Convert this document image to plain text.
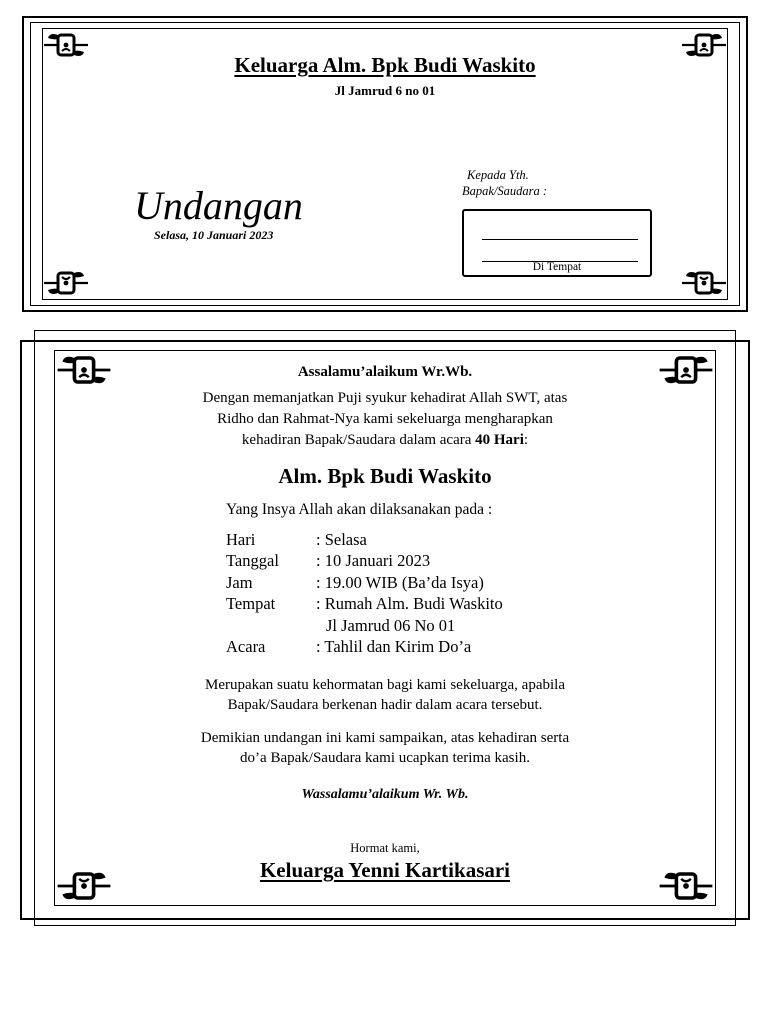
Keluarga Alm. Bpk Budi Waskito
Jl Jamrud 6 no 01
Undangan
Selasa, 10 Januari 2023
Kepada Yth.
Bapak/Saudara :
Di Tempat
Assalamu’alaikum Wr.Wb.
Dengan memanjatkan Puji syukur kehadirat Allah SWT, atas
Ridho dan Rahmat-Nya kami sekeluarga mengharapkan
kehadiran Bapak/Saudara dalam acara 40 Hari:
Alm. Bpk Budi Waskito
Yang Insya Allah akan dilaksanakan pada :
Hari	: Selasa
Tanggal : 10 Januari 2023
Jam	: 19.00 WIB (Ba’da Isya)
Tempat : Rumah Alm. Budi Waskito
Jl Jamrud 06 No 01
Acara	: Tahlil dan Kirim Do’a
Merupakan suatu kehormatan bagi kami sekeluarga, apabila
Bapak/Saudara berkenan hadir dalam acara tersebut.
Demikian undangan ini kami sampaikan, atas kehadiran serta
do’a Bapak/Saudara kami ucapkan terima kasih.
Wassalamu’alaikum Wr. Wb.
Hormat kami,
Keluarga Yenni Kartikasari
